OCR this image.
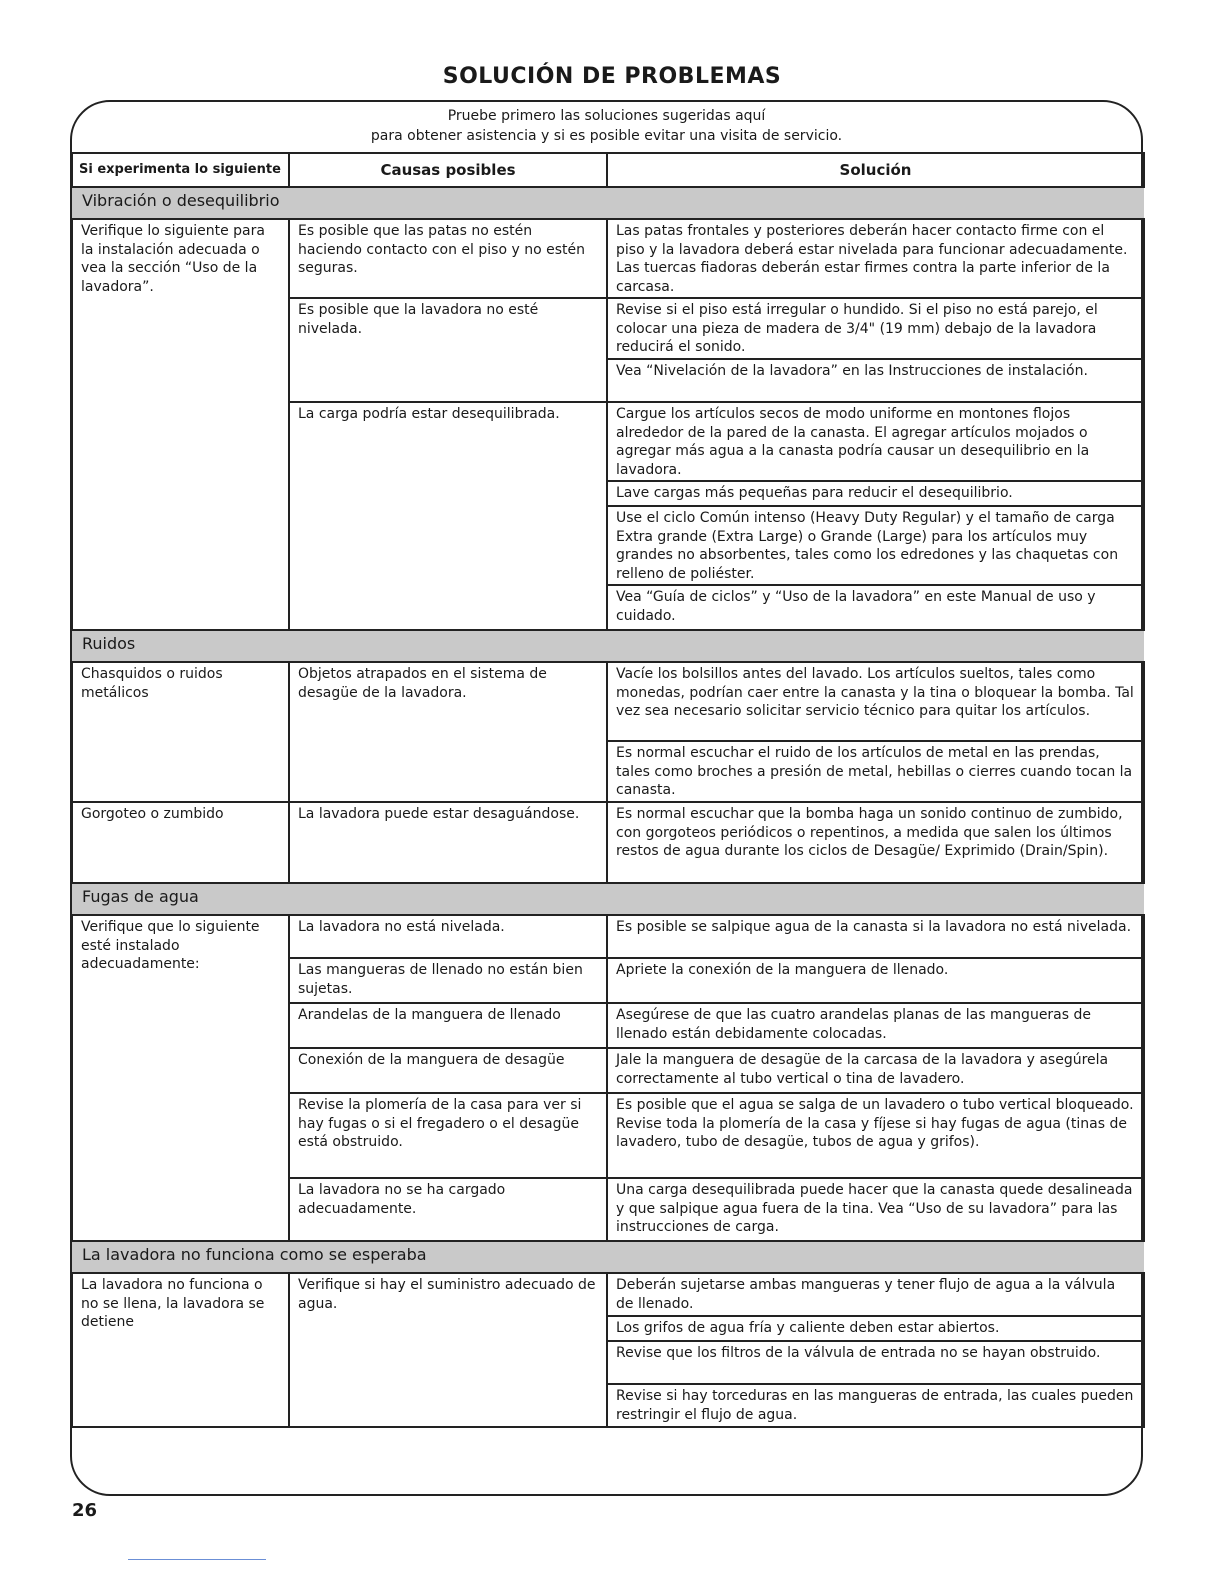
SOLUCIÓN DE PROBLEMAS
Pruebe primero las soluciones sugeridas aquí
para obtener asistencia y si es posible evitar una visita de servicio.
Si experimenta lo siguiente	Causas posibles	Solución
Vibración o desequilibrio		
Verifique lo siguiente para la instalación adecuada o vea la sección “Uso de la lavadora”.	Es posible que las patas no estén haciendo contacto con el piso y no estén seguras.	Las patas frontales y posteriores deberán hacer contacto firme con el piso y la lavadora deberá estar nivelada para funcionar adecuadamente. Las tuercas fiadoras deberán estar firmes contra la parte inferior de la carcasa.
	Es posible que la lavadora no esté nivelada.	Revise si el piso está irregular o hundido. Si el piso no está parejo, el colocar una pieza de madera de 3/4" (19 mm) debajo de la lavadora reducirá el sonido.
		Vea “Nivelación de la lavadora” en las Instrucciones de instalación.
	La carga podría estar desequilibrada.	Cargue los artículos secos de modo uniforme en montones flojos alrededor de la pared de la canasta. El agregar artículos mojados o agregar más agua a la canasta podría causar un desequilibrio en la lavadora.
		Lave cargas más pequeñas para reducir el desequilibrio.
		Use el ciclo Común intenso (Heavy Duty Regular) y el tamaño de carga Extra grande (Extra Large) o Grande (Large) para los artículos muy grandes no absorbentes, tales como los edredones y las chaquetas con relleno de poliéster.
		Vea “Guía de ciclos” y “Uso de la lavadora” en este Manual de uso y cuidado.
Ruidos		
Chasquidos o ruidos metálicos	Objetos atrapados en el sistema de desagüe de la lavadora.	Vacíe los bolsillos antes del lavado. Los artículos sueltos, tales como monedas, podrían caer entre la canasta y la tina o bloquear la bomba. Tal vez sea necesario solicitar servicio técnico para quitar los artículos.
		Es normal escuchar el ruido de los artículos de metal en las prendas, tales como broches a presión de metal, hebillas o cierres cuando tocan la canasta.
Gorgoteo o zumbido	La lavadora puede estar desaguándose.	Es normal escuchar que la bomba haga un sonido continuo de zumbido, con gorgoteos periódicos o repentinos, a medida que salen los últimos restos de agua durante los ciclos de Desagüe/ Exprimido (Drain/Spin).
Fugas de agua		
Verifique que lo siguiente esté instalado adecuadamente:	La lavadora no está nivelada.	Es posible se salpique agua de la canasta si la lavadora no está nivelada.
	Las mangueras de llenado no están bien sujetas.	Apriete la conexión de la manguera de llenado.
	Arandelas de la manguera de llenado	Asegúrese de que las cuatro arandelas planas de las mangueras de llenado están debidamente colocadas.
	Conexión de la manguera de desagüe	Jale la manguera de desagüe de la carcasa de la lavadora y asegúrela correctamente al tubo vertical o tina de lavadero.
	Revise la plomería de la casa para ver si hay fugas o si el fregadero o el desagüe está obstruido.	Es posible que el agua se salga de un lavadero o tubo vertical bloqueado. Revise toda la plomería de la casa y fíjese si hay fugas de agua (tinas de lavadero, tubo de desagüe, tubos de agua y grifos).
	La lavadora no se ha cargado adecuadamente.	Una carga desequilibrada puede hacer que la canasta quede desalineada y que salpique agua fuera de la tina. Vea “Uso de su lavadora” para las instrucciones de carga.
La lavadora no funciona como se esperaba		
La lavadora no funciona o no se llena, la lavadora se detiene	Verifique si hay el suministro adecuado de agua.	Deberán sujetarse ambas mangueras y tener flujo de agua a la válvula de llenado.
		Los grifos de agua fría y caliente deben estar abiertos.
		Revise que los filtros de la válvula de entrada no se hayan obstruido.
		Revise si hay torceduras en las mangueras de entrada, las cuales pueden restringir el flujo de agua.
26
